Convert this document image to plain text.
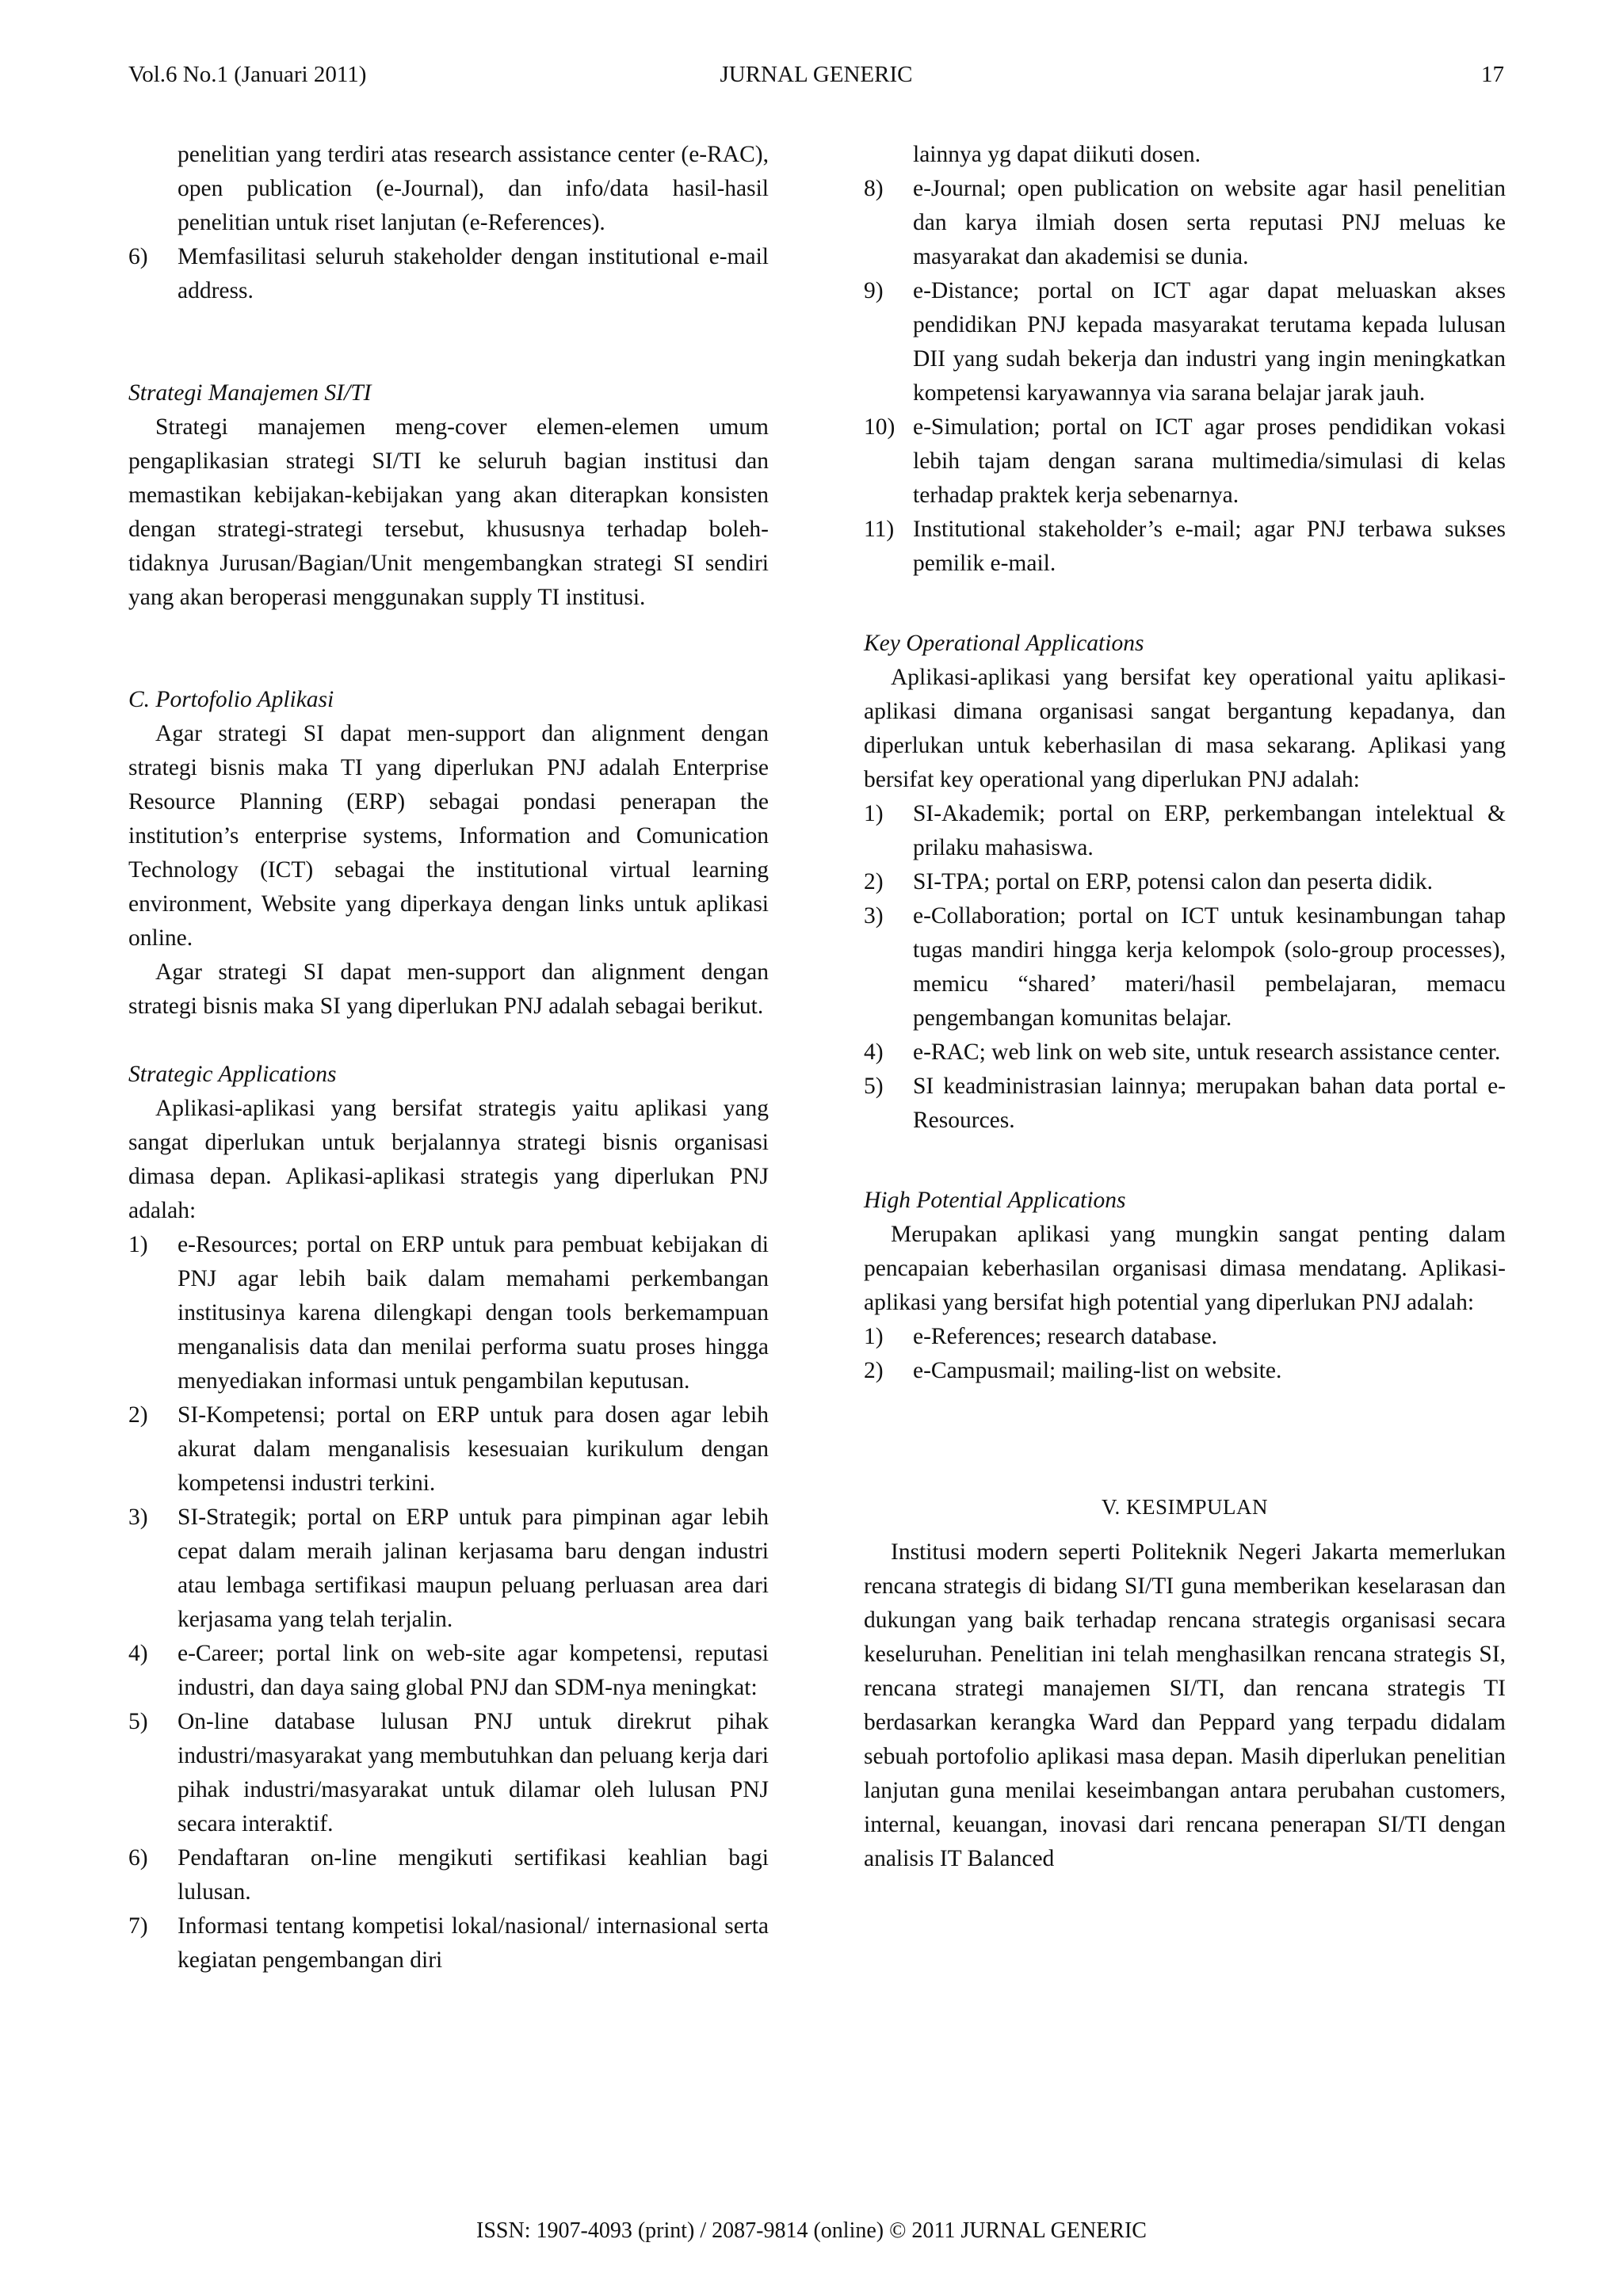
Vol.6 No.1 (Januari 2011)	JURNAL GENERIC	17

penelitian yang terdiri atas research assistance center (e-RAC), open publication (e-Journal), dan info/data hasil-hasil penelitian untuk riset lanjutan (e-References).

6) Memfasilitasi seluruh stakeholder dengan institutional e-mail address.

Strategi Manajemen SI/TI

Strategi manajemen meng-cover elemen-elemen umum pengaplikasian strategi SI/TI ke seluruh bagian institusi dan memastikan kebijakan-kebijakan yang akan diterapkan konsisten dengan strategi-strategi tersebut, khususnya terhadap boleh-tidaknya Jurusan/Bagian/Unit mengembangkan strategi SI sendiri yang akan beroperasi menggunakan supply TI institusi.

C. Portofolio Aplikasi

Agar strategi SI dapat men-support dan alignment dengan strategi bisnis maka TI yang diperlukan PNJ adalah Enterprise Resource Planning (ERP) sebagai pondasi penerapan the institution’s enterprise systems, Information and Comunication Technology (ICT) sebagai the institutional virtual learning environment, Website yang diperkaya dengan links untuk aplikasi online.

Agar strategi SI dapat men-support dan alignment dengan strategi bisnis maka SI yang diperlukan PNJ adalah sebagai berikut.

Strategic Applications

Aplikasi-aplikasi yang bersifat strategis yaitu aplikasi yang sangat diperlukan untuk berjalannya strategi bisnis organisasi dimasa depan. Aplikasi-aplikasi strategis yang diperlukan PNJ adalah:

1) e-Resources; portal on ERP untuk para pembuat kebijakan di PNJ agar lebih baik dalam memahami perkembangan institusinya karena dilengkapi dengan tools berkemampuan menganalisis data dan menilai performa suatu proses hingga menyediakan informasi untuk pengambilan keputusan.
2) SI-Kompetensi; portal on ERP untuk para dosen agar lebih akurat dalam menganalisis kesesuaian kurikulum dengan kompetensi industri terkini.
3) SI-Strategik; portal on ERP untuk para pimpinan agar lebih cepat dalam meraih jalinan kerjasama baru dengan industri atau lembaga sertifikasi maupun peluang perluasan area dari kerjasama yang telah terjalin.
4) e-Career; portal link on web-site agar kompetensi, reputasi industri, dan daya saing global PNJ dan SDM-nya meningkat:
5) On-line database lulusan PNJ untuk direkrut pihak industri/masyarakat yang membutuhkan dan peluang kerja dari pihak industri/masyarakat untuk dilamar oleh lulusan PNJ secara interaktif.
6) Pendaftaran on-line mengikuti sertifikasi keahlian bagi lulusan.
7) Informasi tentang kompetisi lokal/nasional/ internasional serta kegiatan pengembangan diri

lainnya yg dapat diikuti dosen.

8) e-Journal; open publication on website agar hasil penelitian dan karya ilmiah dosen serta reputasi PNJ meluas ke masyarakat dan akademisi se dunia.
9) e-Distance; portal on ICT agar dapat meluaskan akses pendidikan PNJ kepada masyarakat terutama kepada lulusan DII yang sudah bekerja dan industri yang ingin meningkatkan kompetensi karyawannya via sarana belajar jarak jauh.
10) e-Simulation; portal on ICT agar proses pendidikan vokasi lebih tajam dengan sarana multimedia/simulasi di kelas terhadap praktek kerja sebenarnya.
11) Institutional stakeholder’s e-mail; agar PNJ terbawa sukses pemilik e-mail.

Key Operational Applications

Aplikasi-aplikasi yang bersifat key operational yaitu aplikasi-aplikasi dimana organisasi sangat bergantung kepadanya, dan diperlukan untuk keberhasilan di masa sekarang. Aplikasi yang bersifat key operational yang diperlukan PNJ adalah:

1) SI-Akademik; portal on ERP, perkembangan intelektual & prilaku mahasiswa.
2) SI-TPA; portal on ERP, potensi calon dan peserta didik.
3) e-Collaboration; portal on ICT untuk kesinambungan tahap tugas mandiri hingga kerja kelompok (solo-group processes), memicu “shared’ materi/hasil pembelajaran, memacu pengembangan komunitas belajar.
4) e-RAC; web link on web site, untuk research assistance center.
5) SI keadministrasian lainnya; merupakan bahan data portal e-Resources.

High Potential Applications

Merupakan aplikasi yang mungkin sangat penting dalam pencapaian keberhasilan organisasi dimasa mendatang. Aplikasi-aplikasi yang bersifat high potential yang diperlukan PNJ adalah:

1) e-References; research database.
2) e-Campusmail; mailing-list on website.

V. KESIMPULAN

Institusi modern seperti Politeknik Negeri Jakarta memerlukan rencana strategis di bidang SI/TI guna memberikan keselarasan dan dukungan yang baik terhadap rencana strategis organisasi secara keseluruhan. Penelitian ini telah menghasilkan rencana strategis SI, rencana strategi manajemen SI/TI, dan rencana strategis TI berdasarkan kerangka Ward dan Peppard yang terpadu didalam sebuah portofolio aplikasi masa depan. Masih diperlukan penelitian lanjutan guna menilai keseimbangan antara perubahan customers, internal, keuangan, inovasi dari rencana penerapan SI/TI dengan analisis IT Balanced

ISSN: 1907-4093 (print) / 2087-9814 (online) © 2011 JURNAL GENERIC
